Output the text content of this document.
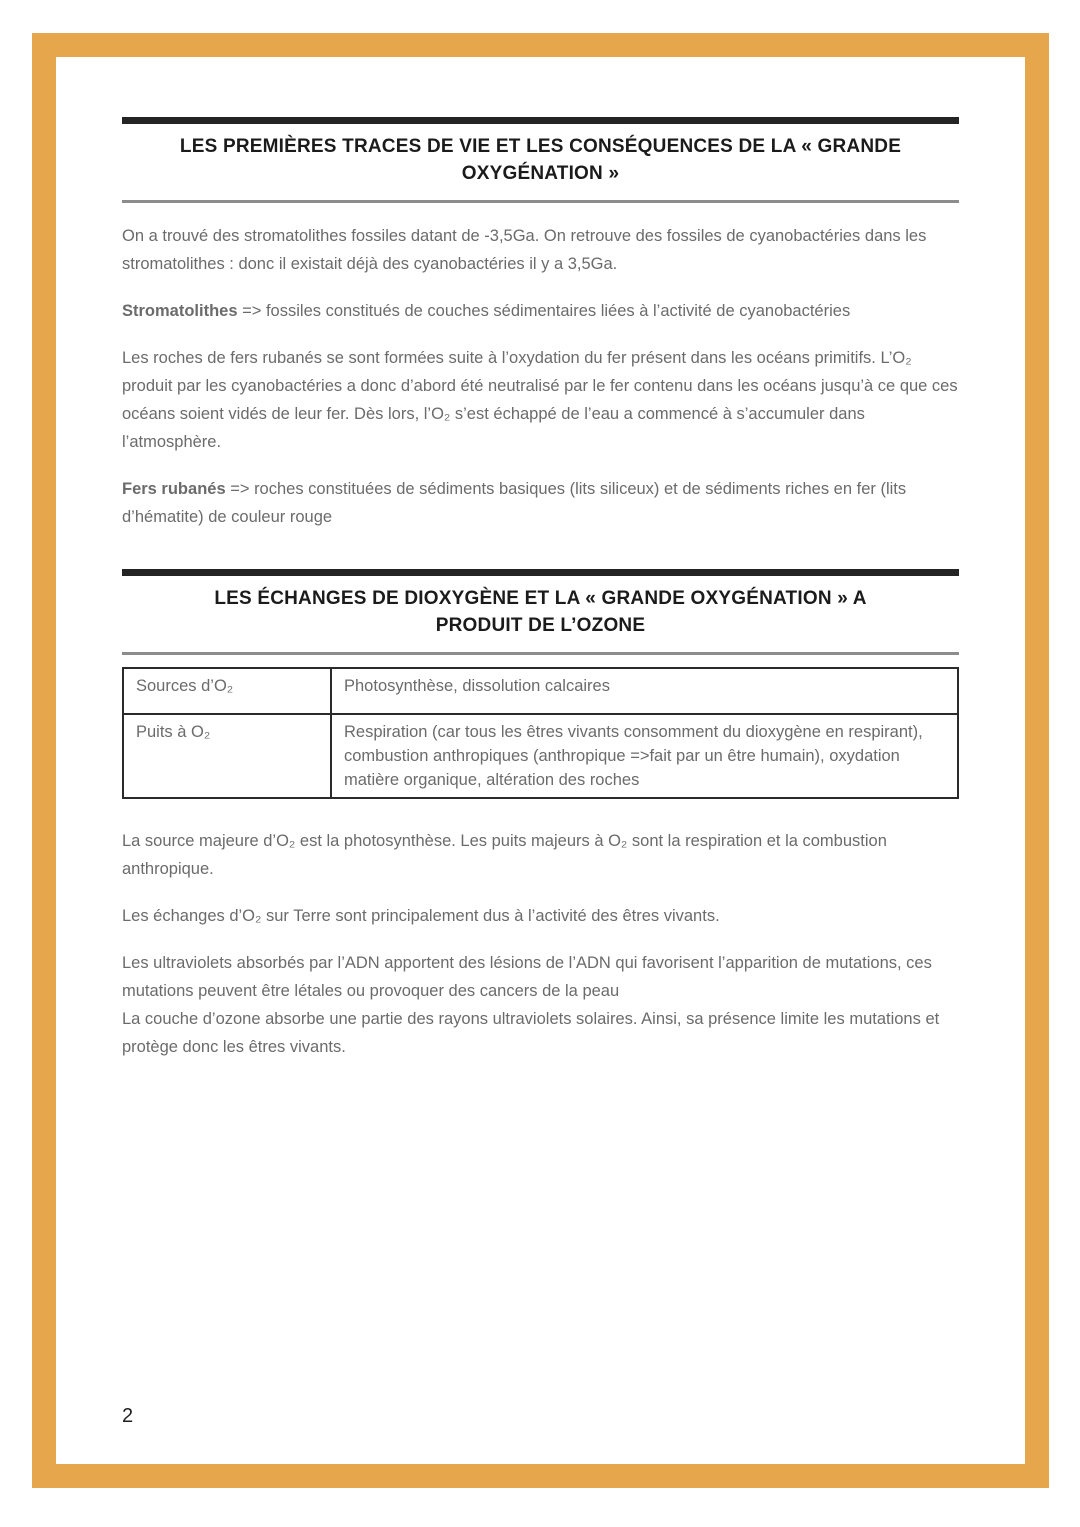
LES PREMIÈRES TRACES DE VIE ET LES CONSÉQUENCES DE LA « GRANDE
OXYGÉNATION »

On a trouvé des stromatolithes fossiles datant de -3,5Ga. On retrouve des fossiles de cyanobactéries dans les stromatolithes : donc il existait déjà des cyanobactéries il y a 3,5Ga.

Stromatolithes => fossiles constitués de couches sédimentaires liées à l’activité de cyanobactéries

Les roches de fers rubanés se sont formées suite à l’oxydation du fer présent dans les océans primitifs. L’O₂ produit par les cyanobactéries a donc d’abord été neutralisé par le fer contenu dans les océans jusqu’à ce que ces océans soient vidés de leur fer. Dès lors, l’O₂ s’est échappé de l’eau a commencé à s’accumuler dans l’atmosphère.

Fers rubanés => roches constituées de sédiments basiques (lits siliceux) et de sédiments riches en fer (lits d’hématite) de couleur rouge

LES ÉCHANGES DE DIOXYGÈNE ET LA « GRANDE OXYGÉNATION » A
PRODUIT DE L’OZONE
Sources d’O₂	Photosynthèse, dissolution calcaires
Puits à O₂	Respiration (car tous les êtres vivants consomment du dioxygène en respirant), combustion anthropiques (anthropique =>fait par un être humain), oxydation matière organique, altération des roches

La source majeure d’O₂ est la photosynthèse. Les puits majeurs à O₂ sont la respiration et la combustion anthropique.

Les échanges d’O₂ sur Terre sont principalement dus à l’activité des êtres vivants.

Les ultraviolets absorbés par l’ADN apportent des lésions de l’ADN qui favorisent l’apparition de mutations, ces mutations peuvent être létales ou provoquer des cancers de la peau
La couche d’ozone absorbe une partie des rayons ultraviolets solaires. Ainsi, sa présence limite les mutations et protège donc les êtres vivants.

2
